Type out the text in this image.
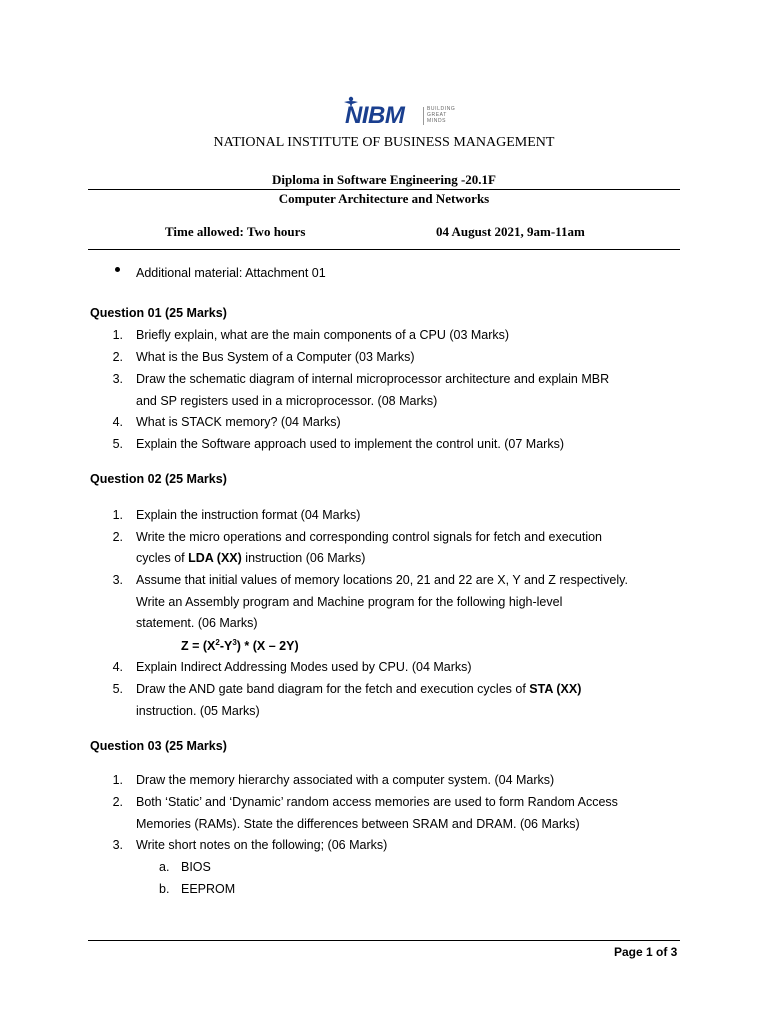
NIBM	BUILDING
GREAT
MINDS
NATIONAL INSTITUTE OF BUSINESS MANAGEMENT
Diploma in Software Engineering -20.1F
Computer Architecture and Networks
Time allowed: Two hours	04 August 2021, 9am-11am
Additional material: Attachment 01
Question 01 (25 Marks)
1. Briefly explain, what are the main components of a CPU (03 Marks)
2. What is the Bus System of a Computer (03 Marks)
3. Draw the schematic diagram of internal microprocessor architecture and explain MBR
and SP registers used in a microprocessor. (08 Marks)
4. What is STACK memory? (04 Marks)
5. Explain the Software approach used to implement the control unit. (07 Marks)
Question 02 (25 Marks)
1. Explain the instruction format (04 Marks)
2. Write the micro operations and corresponding control signals for fetch and execution
cycles of LDA (XX) instruction (06 Marks)
3. Assume that initial values of memory locations 20, 21 and 22 are X, Y and Z respectively.
Write an Assembly program and Machine program for the following high-level
statement. (06 Marks)
$Z = (X^2-Y^3) * (X - 2Y)$
4. Explain Indirect Addressing Modes used by CPU. (04 Marks)
5. Draw the AND gate band diagram for the fetch and execution cycles of STA (XX)
instruction. (05 Marks)
Question 03 (25 Marks)
1. Draw the memory hierarchy associated with a computer system. (04 Marks)
2. Both ‘Static’ and ‘Dynamic’ random access memories are used to form Random Access
Memories (RAMs). State the differences between SRAM and DRAM. (06 Marks)
3. Write short notes on the following; (06 Marks)
a. BIOS
b. EEPROM
Page 1 of 3
